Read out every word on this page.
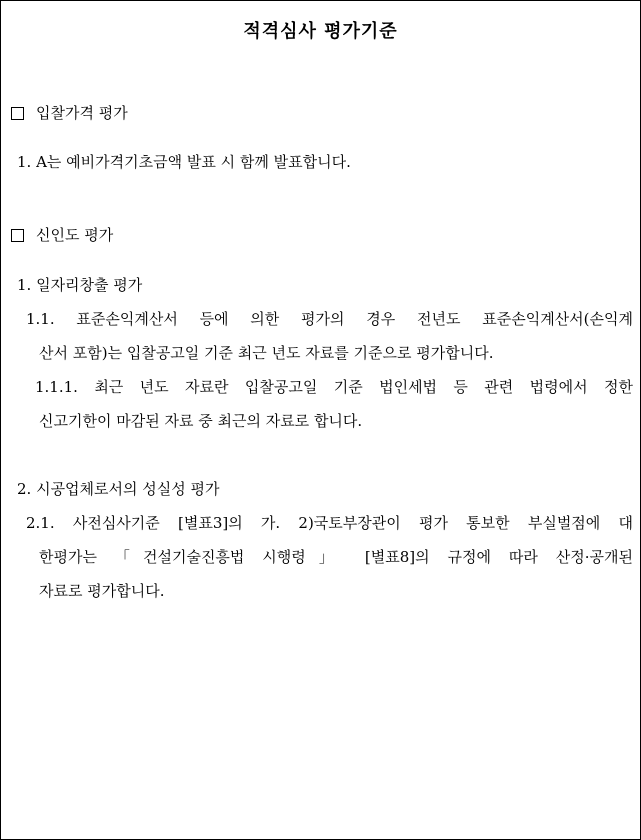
적격심사 평가기준
입찰가격 평가
1. A는 예비가격기초금액 발표 시 함께 발표합니다.
신인도 평가
1. 일자리창출 평가
1.1. 표준손익계산서 등에 의한 평가의 경우 전년도 표준손익계산서(손익계
산서 포함)는 입찰공고일 기준 최근 년도 자료를 기준으로 평가합니다.
1.1.1. 최근 년도 자료란 입찰공고일 기준 법인세법 등 관련 법령에서 정한
신고기한이 마감된 자료 중 최근의 자료로 합니다.
2. 시공업체로서의 성실성 평가
2.1. 사전심사기준 [별표3]의 가. 2)국토부장관이 평가 통보한 부실벌점에 대
한평가는 「건설기술진흥법 시행령」 [별표8]의 규정에 따라 산정·공개된
자료로 평가합니다.
